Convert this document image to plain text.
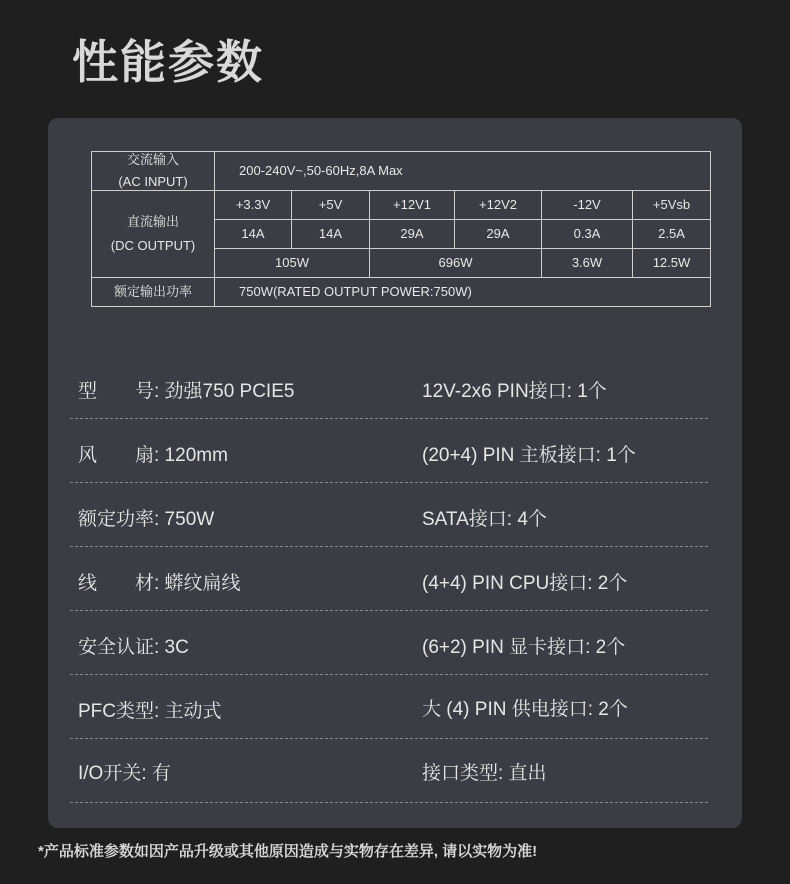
性能参数
交流输入
(AC INPUT)	200-240V~,50-60Hz,8A Max					

直流输出
(DC OUTPUT)	+3.3V	+5V	+12V1	+12V2	-12V	+5Vsb
	14A	14A	29A	29A	0.3A	2.5A
	105W		696W		3.6W	12.5W
额定输出功率	750W(RATED OUTPUT POWER:750W)					
型　　号: 劲强750 PCIE5	12V-2x6 PIN接口: 1个
风　　扇: 120mm	(20+4) PIN 主板接口: 1个
额定功率: 750W	SATA接口: 4个
线　　材: 蟒纹扁线	(4+4) PIN CPU接口: 2个
安全认证: 3C	(6+2) PIN 显卡接口: 2个
PFC类型: 主动式	大 (4) PIN 供电接口: 2个
I/O开关: 有	接口类型: 直出
*产品标准参数如因产品升级或其他原因造成与实物存在差异, 请以实物为准!
